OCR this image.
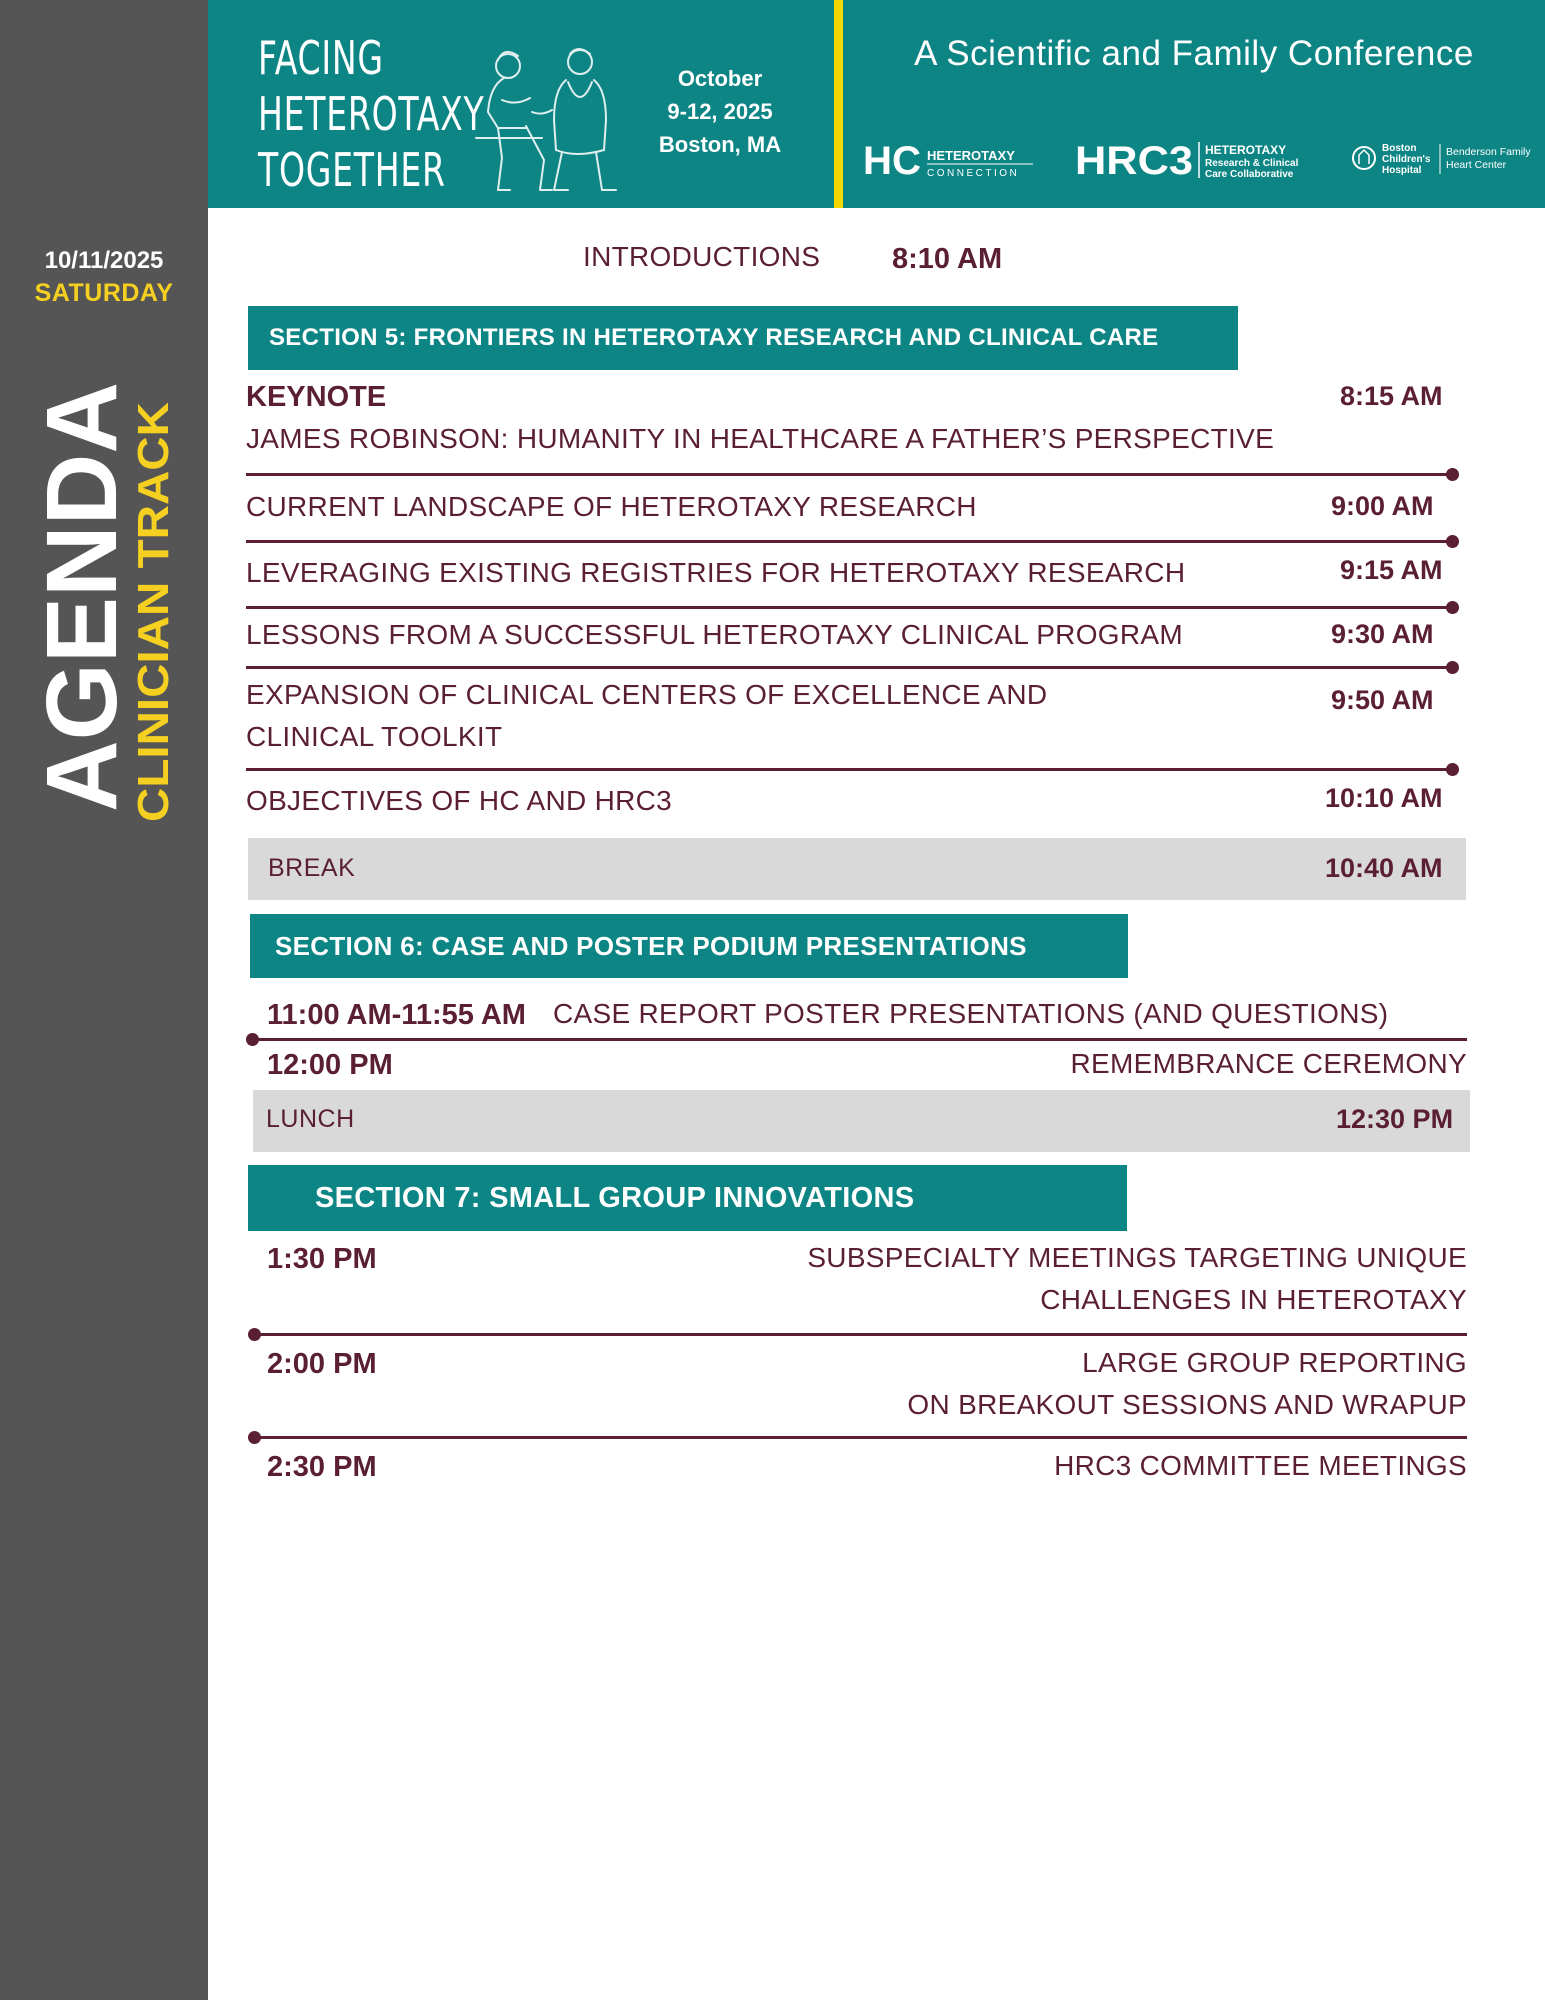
10/11/2025
SATURDAY
AGENDA
CLINICIAN TRACK
FACING
HETEROTAXY
TOGETHER
October
9-12, 2025
Boston, MA
A Scientific and Family Conference
HC HETEROTAXY
CONNECTION HRC3 HETEROTAXY
Research & Clinical
Care Collaborative
Boston
Children's
Hospital
Benderson Family
Heart Center
INTRODUCTIONS 8:10 AM
SECTION 5: FRONTIERS IN HETEROTAXY RESEARCH AND CLINICAL CARE
KEYNOTE	8:15 AM
JAMES ROBINSON: HUMANITY IN HEALTHCARE A FATHER’S PERSPECTIVE
CURRENT LANDSCAPE OF HETEROTAXY RESEARCH	9:00 AM
LEVERAGING EXISTING REGISTRIES FOR HETEROTAXY RESEARCH	9:15 AM
LESSONS FROM A SUCCESSFUL HETEROTAXY CLINICAL PROGRAM	9:30 AM
EXPANSION OF CLINICAL CENTERS OF EXCELLENCE AND
CLINICAL TOOLKIT
9:50 AM
OBJECTIVES OF HC AND HRC3	10:10 AM
BREAK	10:40 AM
SECTION 6: CASE AND POSTER PODIUM PRESENTATIONS
11:00 AM-11:55 AM CASE REPORT POSTER PRESENTATIONS (AND QUESTIONS)
12:00 PM	REMEMBRANCE CEREMONY
LUNCH	12:30 PM
SECTION 7: SMALL GROUP INNOVATIONS
1:30 PM	SUBSPECIALTY MEETINGS TARGETING UNIQUE
CHALLENGES IN HETEROTAXY
2:00 PM	LARGE GROUP REPORTING
ON BREAKOUT SESSIONS AND WRAPUP
2:30 PM	HRC3 COMMITTEE MEETINGS
